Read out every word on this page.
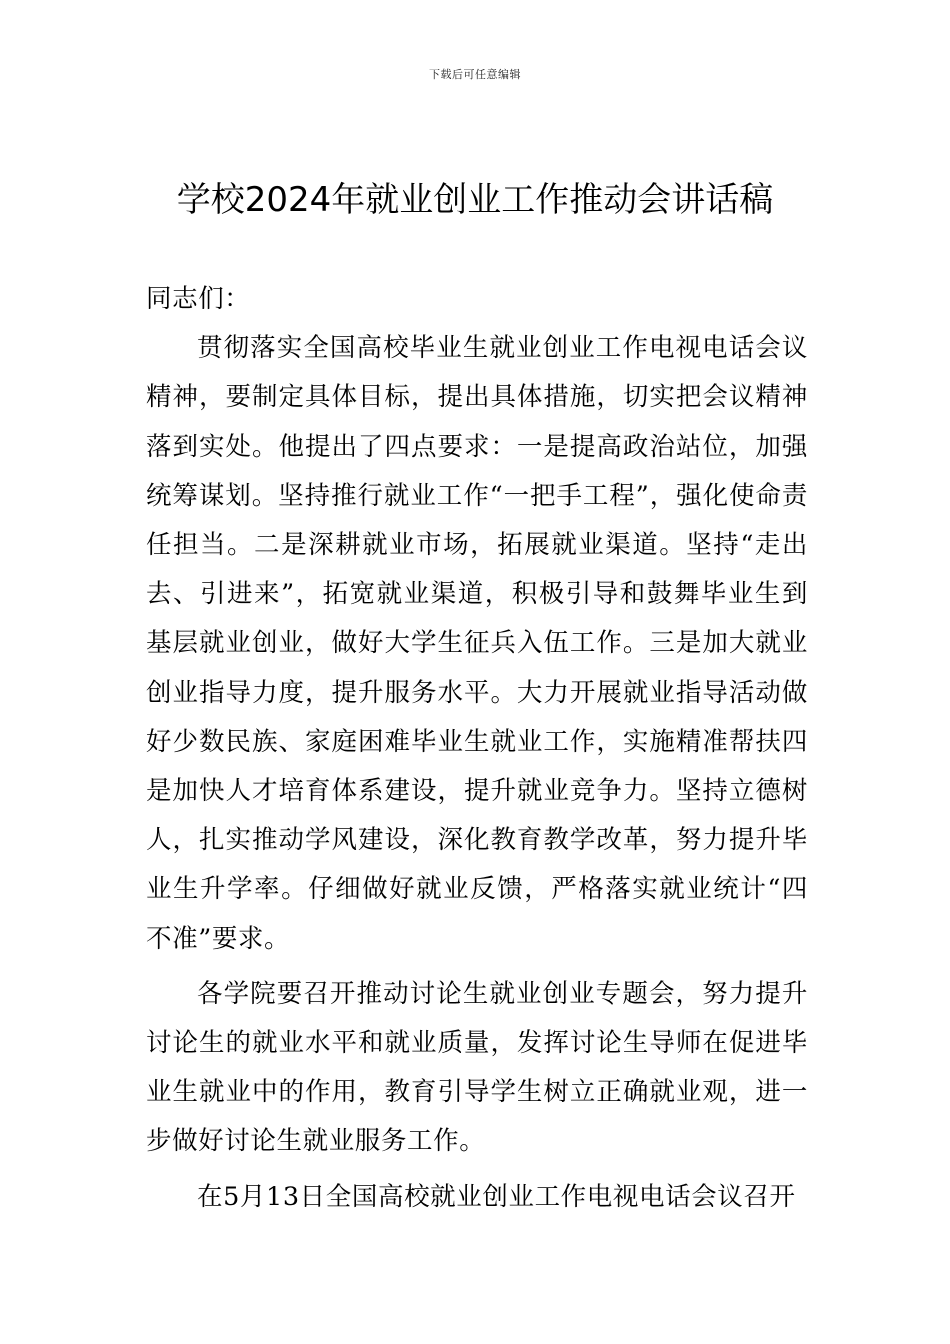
下载后可任意编辑
学校2024年就业创业工作推动会讲话稿

同志们：

贯彻落实全国高校毕业生就业创业工作电视电话会议精神，要制定具体目标，提出具体措施，切实把会议精神落到实处。他提出了四点要求：一是提高政治站位，加强统筹谋划。坚持推行就业工作“一把手工程”，强化使命责任担当。二是深耕就业市场，拓展就业渠道。坚持“走出去、引进来”，拓宽就业渠道，积极引导和鼓舞毕业生到基层就业创业，做好大学生征兵入伍工作。三是加大就业创业指导力度，提升服务水平。大力开展就业指导活动做好少数民族、家庭困难毕业生就业工作，实施精准帮扶四是加快人才培育体系建设，提升就业竞争力。坚持立德树人，扎实推动学风建设，深化教育教学改革，努力提升毕业生升学率。仔细做好就业反馈，严格落实就业统计“四不准”要求。

各学院要召开推动讨论生就业创业专题会，努力提升讨论生的就业水平和就业质量，发挥讨论生导师在促进毕业生就业中的作用，教育引导学生树立正确就业观，进一步做好讨论生就业服务工作。

在5月13日全国高校就业创业工作电视电话会议召开
